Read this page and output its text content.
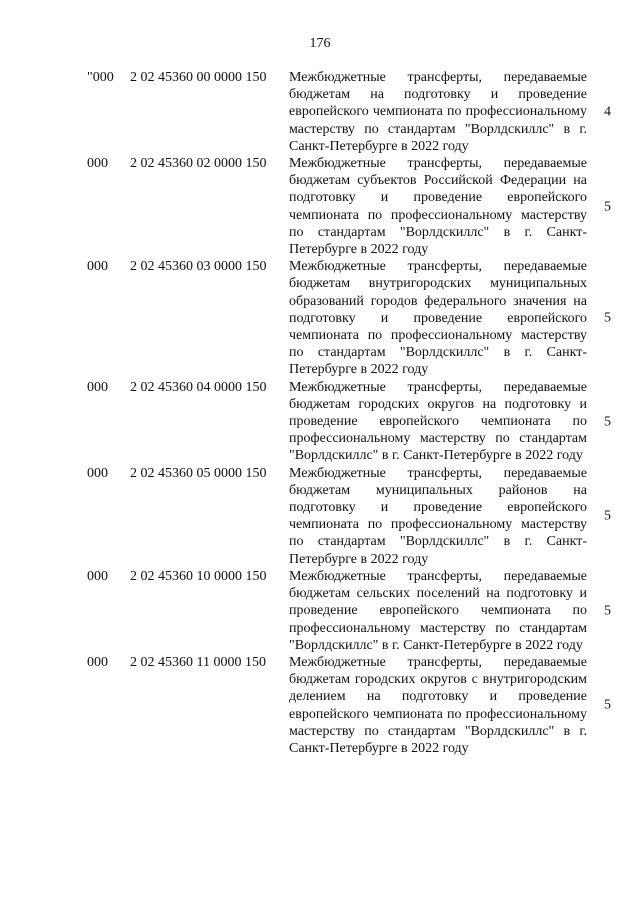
176
"000 2 02 45360 00 0000 150 Межбюджетные трансферты, передаваемые бюджетам на подготовку и проведение европейского чемпионата по профессиональному мастерству по стандартам "Ворлдскиллс" в г. Санкт-Петербурге в 2022 году
4
000 2 02 45360 02 0000 150 Межбюджетные трансферты, передаваемые бюджетам субъектов Российской Федерации на подготовку и проведение европейского чемпионата по профессиональному мастерству по стандартам "Ворлдскиллс" в г. Санкт-Петербурге в 2022 году
5
000 2 02 45360 03 0000 150 Межбюджетные трансферты, передаваемые бюджетам внутригородских муниципальных образований городов федерального значения на подготовку и проведение европейского чемпионата по профессиональному мастерству по стандартам "Ворлдскиллс" в г. Санкт-Петербурге в 2022 году
5
000 2 02 45360 04 0000 150 Межбюджетные трансферты, передаваемые бюджетам городских округов на подготовку и проведение европейского чемпионата по профессиональному мастерству по стандартам "Ворлдскиллс" в г. Санкт-Петербурге в 2022 году
5
000 2 02 45360 05 0000 150 Межбюджетные трансферты, передаваемые бюджетам муниципальных районов на подготовку и проведение европейского чемпионата по профессиональному мастерству по стандартам "Ворлдскиллс" в г. Санкт-Петербурге в 2022 году
5
000 2 02 45360 10 0000 150 Межбюджетные трансферты, передаваемые бюджетам сельских поселений на подготовку и проведение европейского чемпионата по профессиональному мастерству по стандартам "Ворлдскиллс" в г. Санкт-Петербурге в 2022 году
5
000 2 02 45360 11 0000 150 Межбюджетные трансферты, передаваемые бюджетам городских округов с внутригородским делением на подготовку и проведение европейского чемпионата по профессиональному мастерству по стандартам "Ворлдскиллс" в г. Санкт-Петербурге в 2022 году
5
